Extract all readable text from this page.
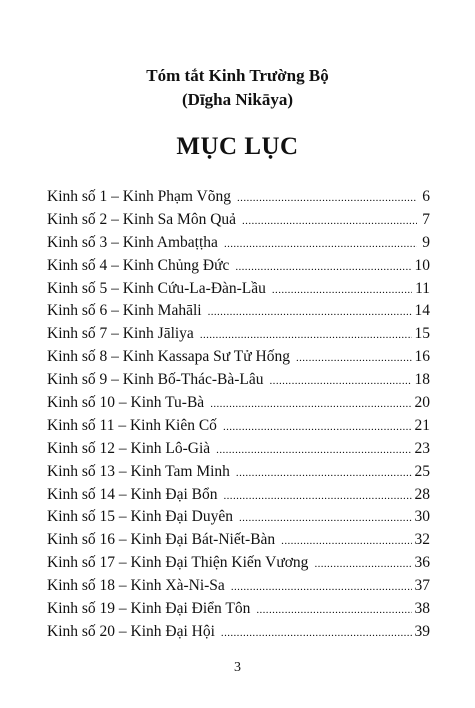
Tóm tắt Kinh Trường Bộ
(Dīgha Nikāya)
MỤC LỤC
Kinh số 1 – Kinh Phạm Võng .....	6
Kinh số 2 – Kinh Sa Môn Quả .....	7
Kinh số 3 – Kinh Ambaṭṭha .....	9
Kinh số 4 – Kinh Chủng Đức .....	10
Kinh số 5 – Kinh Cứu-La-Đàn-Lầu .....	11
Kinh số 6 – Kinh Mahāli .....	14
Kinh số 7 – Kinh Jāliya .....	15
Kinh số 8 – Kinh Kassapa Sư Tử Hống .....	16
Kinh số 9 – Kinh Bố-Thác-Bà-Lâu .....	18
Kinh số 10 – Kinh Tu-Bà .....	20
Kinh số 11 – Kinh Kiên Cố .....	21
Kinh số 12 – Kinh Lô-Già .....	23
Kinh số 13 – Kinh Tam Minh .....	25
Kinh số 14 – Kinh Đại Bổn .....	28
Kinh số 15 – Kinh Đại Duyên .....	30
Kinh số 16 – Kinh Đại Bát-Niết-Bàn .....	32
Kinh số 17 – Kinh Đại Thiện Kiến Vương .....	36
Kinh số 18 – Kinh Xà-Ni-Sa .....	37
Kinh số 19 – Kinh Đại Điển Tôn .....	38
Kinh số 20 – Kinh Đại Hội .....	39
3
